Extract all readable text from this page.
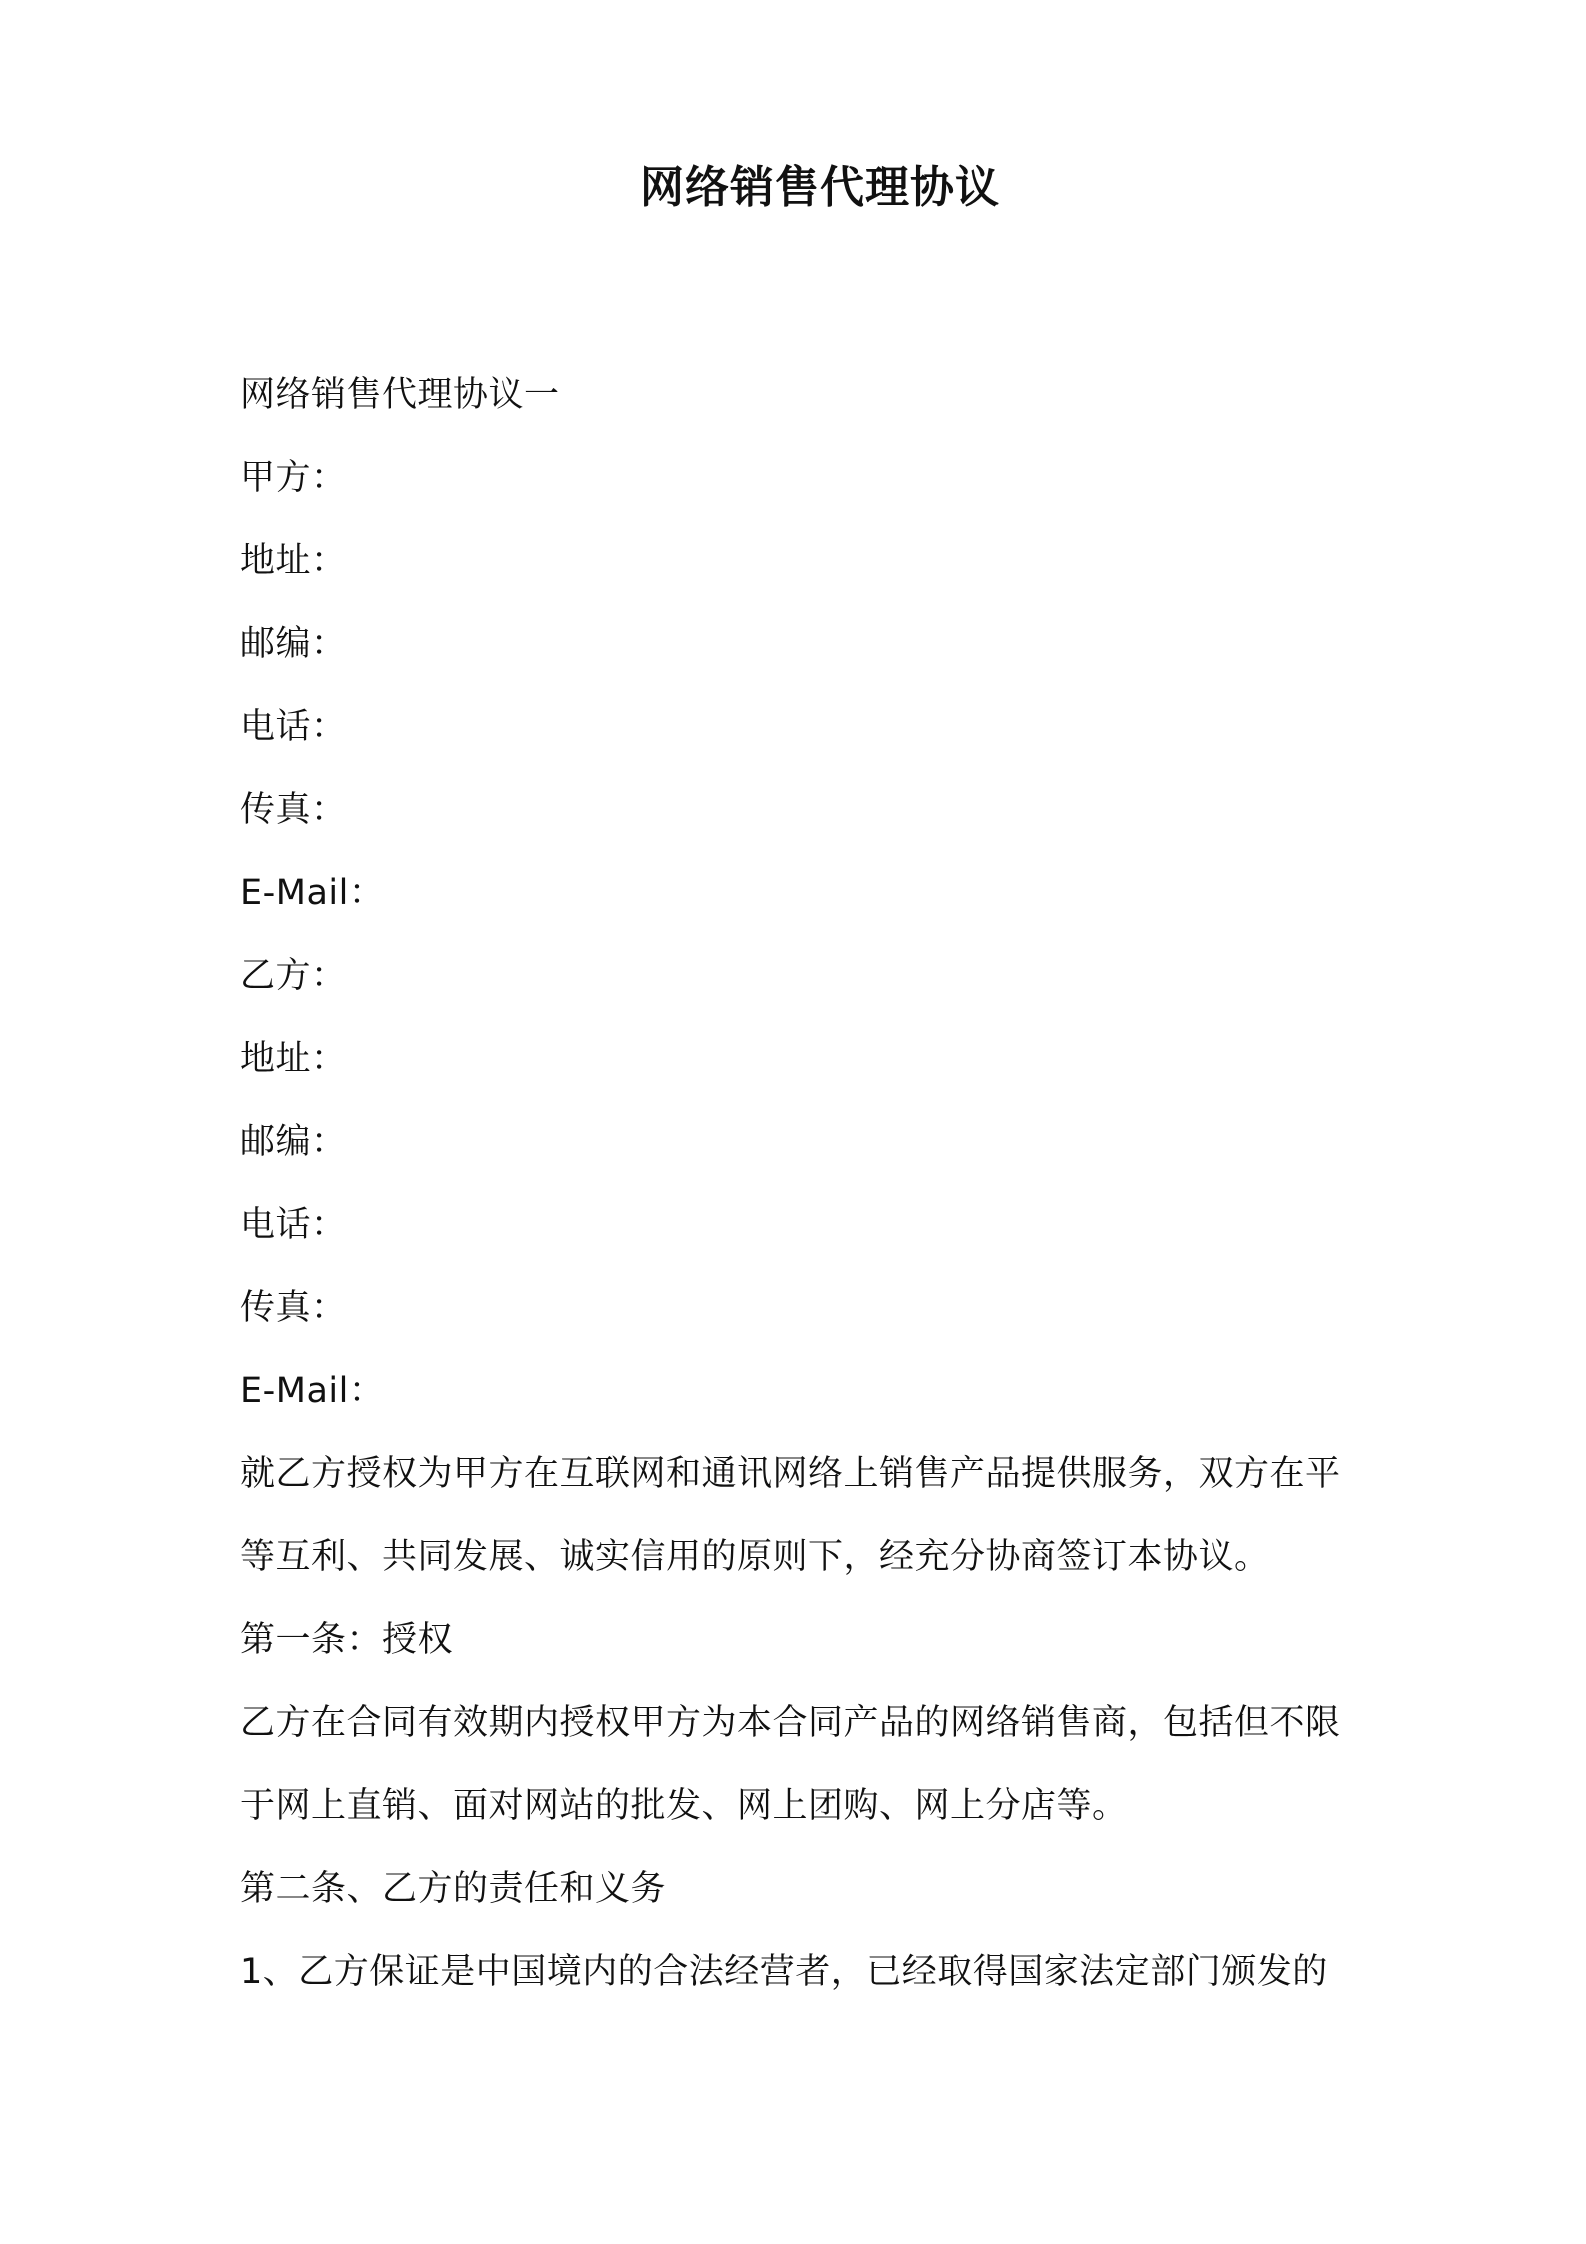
网络销售代理协议
网络销售代理协议一
甲方：
地址：
邮编：
电话：
传真：
E-Mail：
乙方：
地址：
邮编：
电话：
传真：
E-Mail：
就乙方授权为甲方在互联网和通讯网络上销售产品提供服务，双方在平
等互利、共同发展、诚实信用的原则下，经充分协商签订本协议。
第一条：授权
乙方在合同有效期内授权甲方为本合同产品的网络销售商，包括但不限
于网上直销、面对网站的批发、网上团购、网上分店等。
第二条、乙方的责任和义务
1、乙方保证是中国境内的合法经营者，已经取得国家法定部门颁发的
